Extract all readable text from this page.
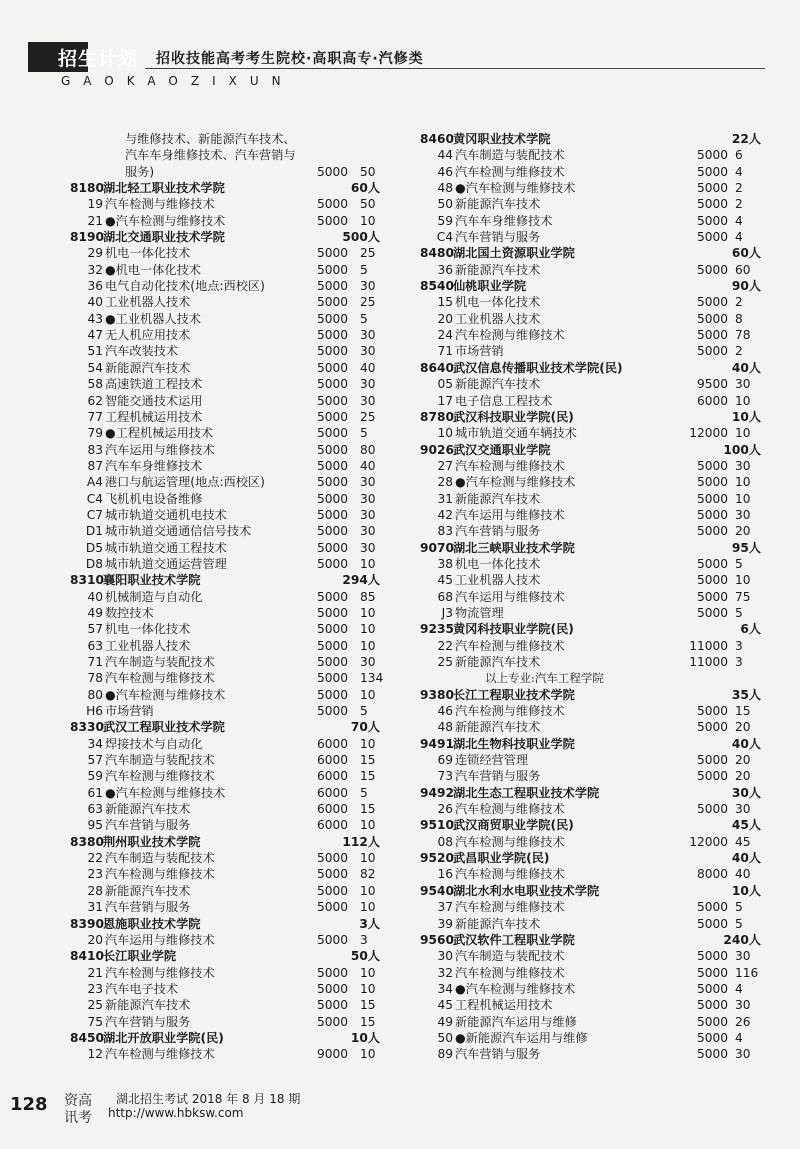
招生计划 招收技能高考考生院校·高职高专·汽修类
GAOKAOZIXUN
与维修技术、新能源汽车技术、
汽车车身维修技术、汽车营销与
服务)	5000 50
8180 湖北轻工职业技术学院	60人
19 汽车检测与维修技术	5000 50
21 ●汽车检测与维修技术	5000 10
8190 湖北交通职业技术学院	500人
29 机电一体化技术	5000 25
32 ●机电一体化技术	5000 5
36 电气自动化技术(地点:西校区)	5000 30
40 工业机器人技术	5000 25
43 ●工业机器人技术	5000 5
47 无人机应用技术	5000 30
51 汽车改装技术	5000 30
54 新能源汽车技术	5000 40
58 高速铁道工程技术	5000 30
62 智能交通技术运用	5000 30
77 工程机械运用技术	5000 25
79 ●工程机械运用技术	5000 5
83 汽车运用与维修技术	5000 80
87 汽车车身维修技术	5000 40
A4 港口与航运管理(地点:西校区)	5000 30
C4 飞机机电设备维修	5000 30
C7 城市轨道交通机电技术	5000 30
D1 城市轨道交通通信信号技术	5000 30
D5 城市轨道交通工程技术	5000 30
D8 城市轨道交通运营管理	5000 10
8310 襄阳职业技术学院	294人
40 机械制造与自动化	5000 85
49 数控技术	5000 10
57 机电一体化技术	5000 10
63 工业机器人技术	5000 10
71 汽车制造与装配技术	5000 30
78 汽车检测与维修技术	5000 134
80 ●汽车检测与维修技术	5000 10
H6 市场营销	5000 5
8330 武汉工程职业技术学院	70人
34 焊接技术与自动化	6000 10
57 汽车制造与装配技术	6000 15
59 汽车检测与维修技术	6000 15
61 ●汽车检测与维修技术	6000 5
63 新能源汽车技术	6000 15
95 汽车营销与服务	6000 10
8380 荆州职业技术学院	112人
22 汽车制造与装配技术	5000 10
23 汽车检测与维修技术	5000 82
28 新能源汽车技术	5000 10
31 汽车营销与服务	5000 10
8390 恩施职业技术学院	3人
20 汽车运用与维修技术	5000 3
8410 长江职业学院	50人
21 汽车检测与维修技术	5000 10
23 汽车电子技术	5000 10
25 新能源汽车技术	5000 15
75 汽车营销与服务	5000 15
8450 湖北开放职业学院(民)	10人
12 汽车检测与维修技术	9000 10
8460 黄冈职业技术学院	22人
44 汽车制造与装配技术	5000 6
46 汽车检测与维修技术	5000 4
48 ●汽车检测与维修技术	5000 2
50 新能源汽车技术	5000 2
59 汽车车身维修技术	5000 4
C4 汽车营销与服务	5000 4
8480 湖北国土资源职业学院	60人
36 新能源汽车技术	5000 60
8540 仙桃职业学院	90人
15 机电一体化技术	5000 2
20 工业机器人技术	5000 8
24 汽车检测与维修技术	5000 78
71 市场营销	5000 2
8640 武汉信息传播职业技术学院(民)	40人
05 新能源汽车技术	9500 30
17 电子信息工程技术	6000 10
8780 武汉科技职业学院(民)	10人
10 城市轨道交通车辆技术	12000 10
9026 武汉交通职业学院	100人
27 汽车检测与维修技术	5000 30
28 ●汽车检测与维修技术	5000 10
31 新能源汽车技术	5000 10
42 汽车运用与维修技术	5000 30
83 汽车营销与服务	5000 20
9070 湖北三峡职业技术学院	95人
38 机电一体化技术	5000 5
45 工业机器人技术	5000 10
68 汽车运用与维修技术	5000 75
J3 物流管理	5000 5
9235 黄冈科技职业学院(民)	6人
22 汽车检测与维修技术	11000 3
25 新能源汽车技术	11000 3
以上专业:汽车工程学院
9380 长江工程职业技术学院	35人
46 汽车检测与维修技术	5000 15
48 新能源汽车技术	5000 20
9491 湖北生物科技职业学院	40人
69 连锁经营管理	5000 20
73 汽车营销与服务	5000 20
9492 湖北生态工程职业技术学院	30人
26 汽车检测与维修技术	5000 30
9510 武汉商贸职业学院(民)	45人
08 汽车检测与维修技术	12000 45
9520 武昌职业学院(民)	40人
16 汽车检测与维修技术	8000 40
9540 湖北水利水电职业技术学院	10人
37 汽车检测与维修技术	5000 5
39 新能源汽车技术	5000 5
9560 武汉软件工程职业学院	240人
30 汽车制造与装配技术	5000 30
32 汽车检测与维修技术	5000 116
34 ●汽车检测与维修技术	5000 4
45 工程机械运用技术	5000 30
49 新能源汽车运用与维修	5000 26
50 ●新能源汽车运用与维修	5000 4
89 汽车营销与服务	5000 30
128 资高
讯考
湖北招生考试 2018 年 8 月 18 期
http://www.hbksw.com
